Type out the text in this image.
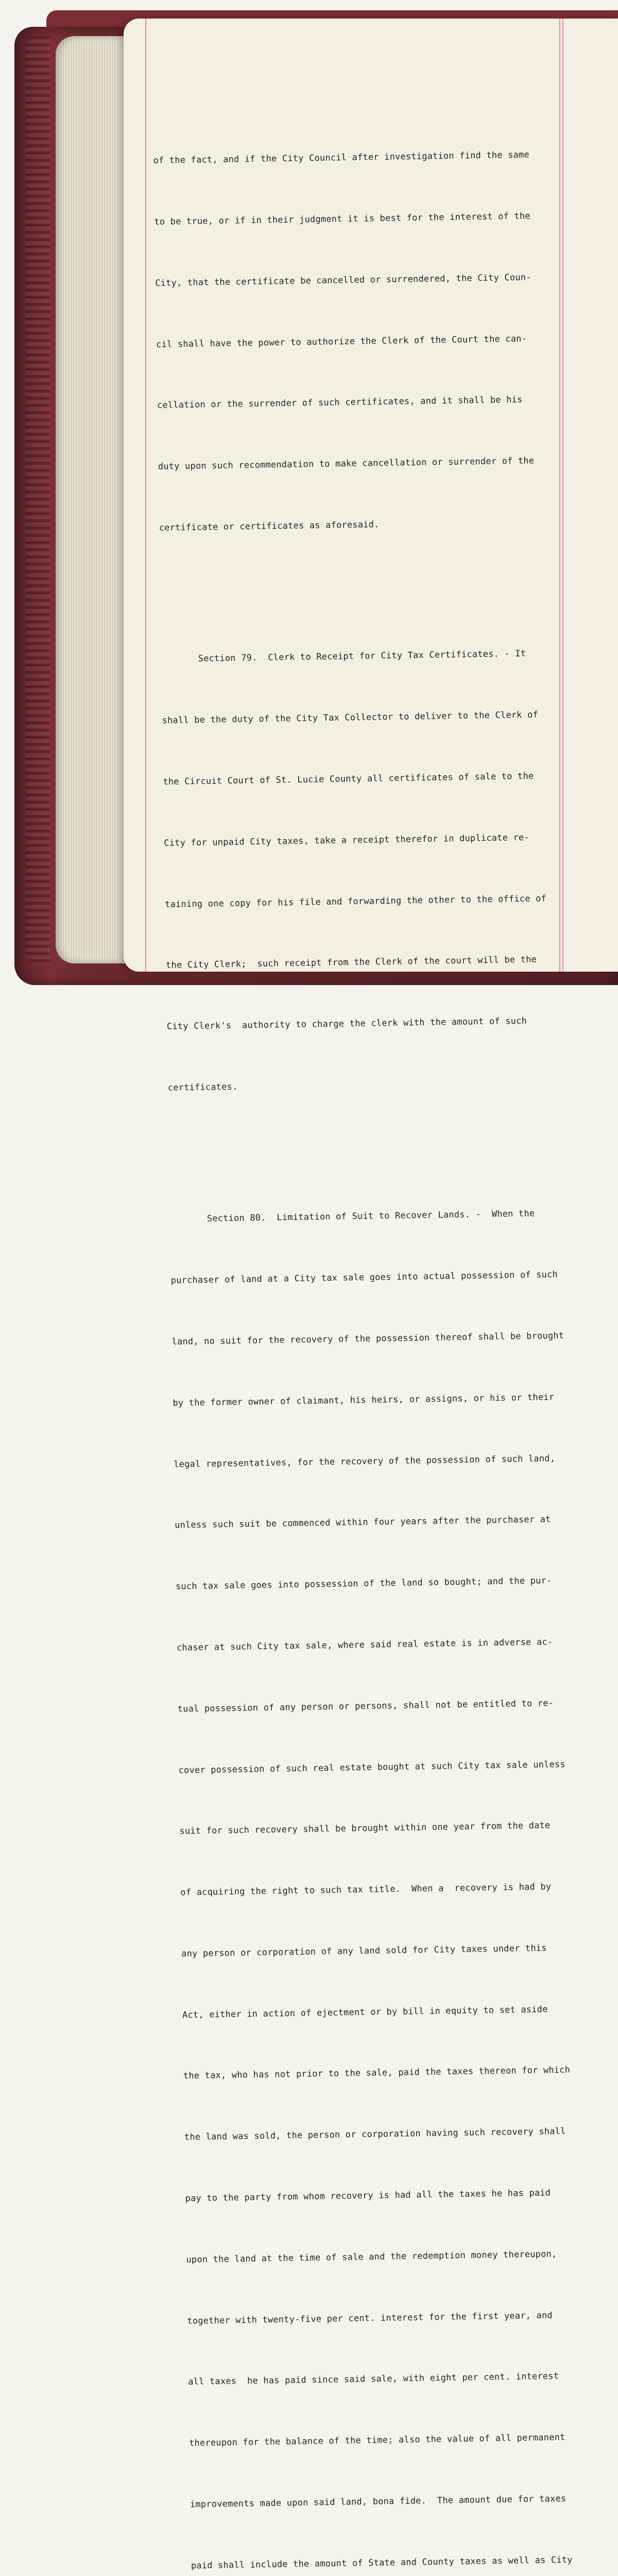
of the fact, and if the City Council after investigation find the same

to be true, or if in their judgment it is best for the interest of the

City, that the certificate be cancelled or surrendered, the City Coun-

cil shall have the power to authorize the Clerk of the Court the can-

cellation or the surrender of such certificates, and it shall be his

duty upon such recommendation to make cancellation or surrender of the

certificate or certificates as aforesaid.

Section 79.  Clerk to Receipt for City Tax Certificates. - It

shall be the duty of the City Tax Collector to deliver to the Clerk of

the Circuit Court of St. Lucie County all certificates of sale to the

City for unpaid City taxes, take a receipt therefor in duplicate re-

taining one copy for his file and forwarding the other to the office of

the City Clerk;  such receipt from the Clerk of the court will be the

City Clerk's  authority to charge the clerk with the amount of such

certificates.

Section 80.  Limitation of Suit to Recover Lands. -  When the

purchaser of land at a City tax sale goes into actual possession of such

land, no suit for the recovery of the possession thereof shall be brought

by the former owner of claimant, his heirs, or assigns, or his or their

legal representatives, for the recovery of the possession of such land,

unless such suit be commenced within four years after the purchaser at

such tax sale goes into possession of the land so bought; and the pur-

chaser at such City tax sale, where said real estate is in adverse ac-

tual possession of any person or persons, shall not be entitled to re-

cover possession of such real estate bought at such City tax sale unless

suit for such recovery shall be brought within one year from the date

of acquiring the right to such tax title.  When a  recovery is had by

any person or corporation of any land sold for City taxes under this

Act, either in action of ejectment or by bill in equity to set aside

the tax, who has not prior to the sale, paid the taxes thereon for which

the land was sold, the person or corporation having such recovery shall

pay to the party from whom recovery is had all the taxes he has paid

upon the land at the time of sale and the redemption money thereupon,

together with twenty-five per cent. interest for the first year, and

all taxes  he has paid since said sale, with eight per cent. interest

thereupon for the balance of the time; also the value of all permanent

improvements made upon said land, bona fide.  The amount due for taxes

paid shall include the amount of State and County taxes as well as City
